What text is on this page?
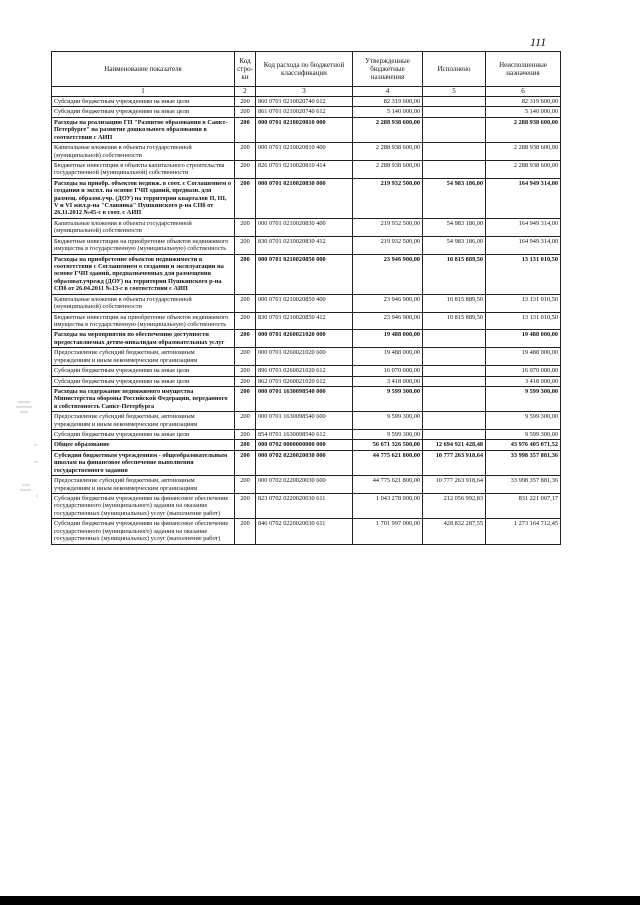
111
Наименование показателя	Код стро-ки	Код расхода по бюджетной классификации	Утвержденные бюджетные назначения	Исполнено	Неисполненные назначения
1	2	3	4	5	6
Субсидии бюджетным учреждениям на иные цели	200	860 0701 0210020740 612	82 319 600,00		82 319 600,00
Субсидии бюджетным учреждениям на иные цели	200	861 0701 0210020740 612	5 140 000,00		5 140 000,00
Расходы на реализацию ГП "Развитие образования в Санкт-Петербурге" на развитие дошкольного образования в соответствии с АИП	200	000 0701 0210020810 000	2 288 938 600,00		2 288 938 600,00
Капитальные вложения в объекты государственной (муниципальной) собственности	200	000 0701 0210020810 400	2 288 938 600,00		2 288 938 600,00
Бюджетные инвестиции в объекты капитального строительства государственной (муниципальной) собственности	200	826 0701 0210020810 414	2 288 938 600,00		2 288 938 600,00
Расходы на приобр. объектов недвиж. в соот. с Соглашением о создании и экспл. на основе ГЧП зданий, предназн. для размещ. образов.учр. (ДОУ) на территории кварталов II, III, V и VI жил.р-на "Славянка" Пушкинского р-на СПб от 26.11.2012 №45-с в соот. с АИП	200	000 0701 0210020830 000	219 932 500,00	54 983 186,00	164 949 314,00
Капитальные вложения в объекты государственной (муниципальной) собственности	200	000 0701 0210020830 400	219 932 500,00	54 983 186,00	164 949 314,00
Бюджетные инвестиции на приобретение объектов недвижимого имущества в государственную (муниципальную) собственность	200	830 0701 0210020830 412	219 932 500,00	54 983 186,00	164 949 314,00
Расходы на приобретение объектов недвижимости в соответствии с Соглашением о создании и эксплуатации на основе ГЧП зданий, предназначенных для размещения образоват.учрежд (ДОУ) на территории Пушкинского р-на СПб от 26.04.2011 №13-с в соответствии с АИП	200	000 0701 0210020850 000	23 946 900,00	10 815 889,50	13 131 010,50
Капитальные вложения в объекты государственной (муниципальной) собственности	200	000 0701 0210020850 400	23 946 900,00	10 815 889,50	13 131 010,50
Бюджетные инвестиции на приобретение объектов недвижимого имущества в государственную (муниципальную) собственность	200	830 0701 0210020850 412	23 946 900,00	10 815 889,50	13 131 010,50
Расходы на мероприятия по обеспечению доступности предоставляемых детям-инвалидам образовательных услуг	200	000 0701 0260021020 000	19 488 000,00		19 488 000,00
Предоставление субсидий бюджетным, автономным учреждениям и иным некоммерческим организациям	200	000 0701 0260021020 600	19 488 000,00		19 488 000,00
Субсидии бюджетным учреждениям на иные цели	200	896 0701 0260021020 612	16 070 000,00		16 070 000,00
Субсидии бюджетным учреждениям на иные цели	200	862 0701 0260021020 612	3 418 000,00		3 418 000,00
Расходы на содержание недвижимого имущества Министерства обороны Российской Федерации, переданного в собственность Санкт-Петербурга	200	000 0701 1630098540 000	9 599 300,00		9 599 300,00
Предоставление субсидий бюджетным, автономным учреждениям и иным некоммерческим организациям	200	000 0701 1630098540 600	9 599 300,00		9 599 300,00
Субсидии бюджетным учреждениям на иные цели	200	854 0701 1630098540 612	9 599 300,00		9 599 300,00
Общее образование	200	000 0702 0000000000 000	56 671 326 500,00	12 694 921 428,48	43 976 405 071,52
Субсидии бюджетным учреждениям - общеобразовательным школам на финансовое обеспечение выполнения государственного задания	200	000 0702 0220020030 000	44 775 621 800,00	10 777 263 918,64	33 998 357 881,36
Предоставление субсидий бюджетным, автономным учреждениям и иным некоммерческим организациям	200	000 0702 0220020030 600	44 775 621 800,00	10 777 263 918,64	33 998 357 881,36
Субсидии бюджетным учреждениям на финансовое обеспечение государственного (муниципального) задания на оказание государственных (муниципальных) услуг (выполнение работ)	200	823 0702 0220020030 611	1 043 278 000,00	212 056 992,83	831 221 007,17
Субсидии бюджетным учреждениям на финансовое обеспечение государственного (муниципального) задания на оказание государственных (муниципальных) услуг (выполнение работ)	200	846 0702 0220020030 611	1 701 997 000,00	428 832 287,55	1 273 164 712,45
